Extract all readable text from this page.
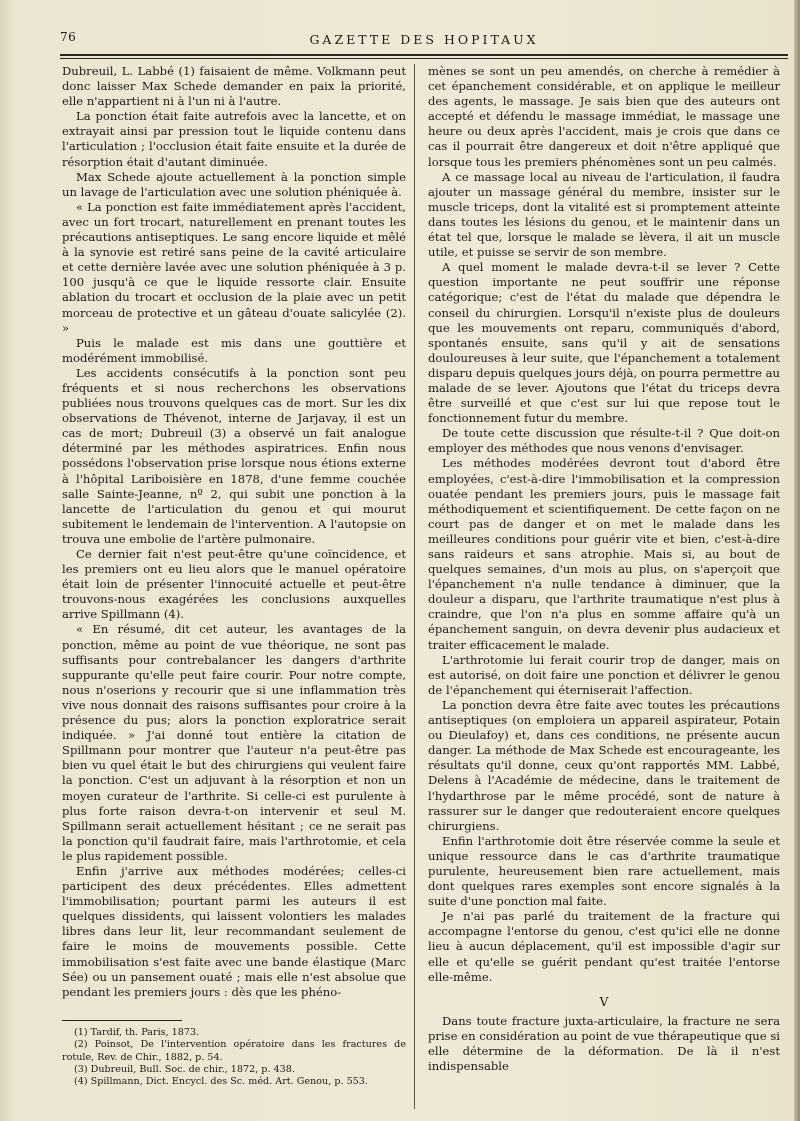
76	GAZETTE DES HOPITAUX

Dubreuil, L. Labbé (1) faisaient de même. Volkmann peut donc laisser Max Schede demander en paix la priorité, elle n'appartient ni à l'un ni à l'autre.

La ponction était faite autrefois avec la lancette, et on extrayait ainsi par pression tout le liquide contenu dans l'articulation ; l'occlusion était faite ensuite et la durée de résorption était d'autant diminuée.

Max Schede ajoute actuellement à la ponction simple un lavage de l'articulation avec une solution phéniquée à.

« La ponction est faite immédiatement après l'accident, avec un fort trocart, naturellement en prenant toutes les précautions antiseptiques. Le sang encore liquide et mêlé à la synovie est retiré sans peine de la cavité articulaire et cette dernière lavée avec une solution phéniquée à 3 p. 100 jusqu'à ce que le liquide ressorte clair. Ensuite ablation du trocart et occlusion de la plaie avec un petit morceau de protective et un gâteau d'ouate salicylée (2). »

Puis le malade est mis dans une gouttière et modérément immobilisé.

Les accidents consécutifs à la ponction sont peu fréquents et si nous recherchons les observations publiées nous trouvons quelques cas de mort. Sur les dix observations de Thévenot, interne de Jarjavay, il est un cas de mort; Dubreuil (3) a observé un fait analogue déterminé par les méthodes aspiratrices. Enfin nous possédons l'observation prise lorsque nous étions externe à l'hôpital Lariboisière en 1878, d'une femme couchée salle Sainte-Jeanne, nº 2, qui subit une ponction à la lancette de l'articulation du genou et qui mourut subitement le lendemain de l'intervention. A l'autopsie on trouva une embolie de l'artère pulmonaire.

Ce dernier fait n'est peut-être qu'une coïncidence, et les premiers ont eu lieu alors que le manuel opératoire était loin de présenter l'innocuité actuelle et peut-être trouvons-nous exagérées les conclusions auxquelles arrive Spillmann (4).

« En résumé, dit cet auteur, les avantages de la ponction, même au point de vue théorique, ne sont pas suffisants pour contrebalancer les dangers d'arthrite suppurante qu'elle peut faire courir. Pour notre compte, nous n'oserions y recourir que si une inflammation très vive nous donnait des raisons suffisantes pour croire à la présence du pus; alors la ponction exploratrice serait indiquée. » J'ai donné tout entière la citation de Spillmann pour montrer que l'auteur n'a peut-être pas bien vu quel était le but des chirurgiens qui veulent faire la ponction. C'est un adjuvant à la résorption et non un moyen curateur de l'arthrite. Si celle-ci est purulente à plus forte raison devra-t-on intervenir et seul M. Spillmann serait actuellement hésitant ; ce ne serait pas la ponction qu'il faudrait faire, mais l'arthrotomie, et cela le plus rapidement possible.

Enfin j'arrive aux méthodes modérées; celles-ci participent des deux précédentes. Elles admettent l'immobilisation; pourtant parmi les auteurs il est quelques dissidents, qui laissent volontiers les malades libres dans leur lit, leur recommandant seulement de faire le moins de mouvements possible. Cette immobilisation s'est faite avec une bande élastique (Marc Sée) ou un pansement ouaté ; mais elle n'est absolue que pendant les premiers jours : dès que les phéno-

(1) Tardif, th. Paris, 1873.
(2) Poinsot, De l'intervention opératoire dans les fractures de rotule, Rev. de Chir., 1882, p. 54.
(3) Dubreuil, Bull. Soc. de chir., 1872, p. 438.
(4) Spillmann, Dict. Encycl. des Sc. méd. Art. Genou, p. 553.

mènes se sont un peu amendés, on cherche à remédier à cet épanchement considérable, et on applique le meilleur des agents, le massage. Je sais bien que des auteurs ont accepté et défendu le massage immédiat, le massage une heure ou deux après l'accident, mais je crois que dans ce cas il pourrait être dangereux et doit n'être appliqué que lorsque tous les premiers phénomènes sont un peu calmés.

A ce massage local au niveau de l'articulation, il faudra ajouter un massage général du membre, insister sur le muscle triceps, dont la vitalité est si promptement atteinte dans toutes les lésions du genou, et le maintenir dans un état tel que, lorsque le malade se lèvera, il ait un muscle utile, et puisse se servir de son membre.

A quel moment le malade devra-t-il se lever ? Cette question importante ne peut souffrir une réponse catégorique; c'est de l'état du malade que dépendra le conseil du chirurgien. Lorsqu'il n'existe plus de douleurs que les mouvements ont reparu, communiqués d'abord, spontanés ensuite, sans qu'il y ait de sensations douloureuses à leur suite, que l'épanchement a totalement disparu depuis quelques jours déjà, on pourra permettre au malade de se lever. Ajoutons que l'état du triceps devra être surveillé et que c'est sur lui que repose tout le fonctionnement futur du membre.

De toute cette discussion que résulte-t-il ? Que doit-on employer des méthodes que nous venons d'envisager.

Les méthodes modérées devront tout d'abord être employées, c'est-à-dire l'immobilisation et la compression ouatée pendant les premiers jours, puis le massage fait méthodiquement et scientifiquement. De cette façon on ne court pas de danger et on met le malade dans les meilleures conditions pour guérir vite et bien, c'est-à-dire sans raideurs et sans atrophie. Mais si, au bout de quelques semaines, d'un mois au plus, on s'aperçoit que l'épanchement n'a nulle tendance à diminuer, que la douleur a disparu, que l'arthrite traumatique n'est plus à craindre, que l'on n'a plus en somme affaire qu'à un épanchement sanguin, on devra devenir plus audacieux et traiter efficacement le malade.

L'arthrotomie lui ferait courir trop de danger, mais on est autorisé, on doit faire une ponction et délivrer le genou de l'épanchement qui éterniserait l'affection.

La ponction devra être faite avec toutes les précautions antiseptiques (on emploiera un appareil aspirateur, Potain ou Dieulafoy) et, dans ces conditions, ne présente aucun danger. La méthode de Max Schede est encourageante, les résultats qu'il donne, ceux qu'ont rapportés MM. Labbé, Delens à l'Académie de médecine, dans le traitement de l'hydarthrose par le même procédé, sont de nature à rassurer sur le danger que redouteraient encore quelques chirurgiens.

Enfin l'arthrotomie doit être réservée comme la seule et unique ressource dans le cas d'arthrite traumatique purulente, heureusement bien rare actuellement, mais dont quelques rares exemples sont encore signalés à la suite d'une ponction mal faite.

Je n'ai pas parlé du traitement de la fracture qui accompagne l'entorse du genou, c'est qu'ici elle ne donne lieu à aucun déplacement, qu'il est impossible d'agir sur elle et qu'elle se guérit pendant qu'est traitée l'entorse elle-même.

V

Dans toute fracture juxta-articulaire, la fracture ne sera prise en considération au point de vue thérapeutique que si elle détermine de la déformation. De là il n'est indispensable
